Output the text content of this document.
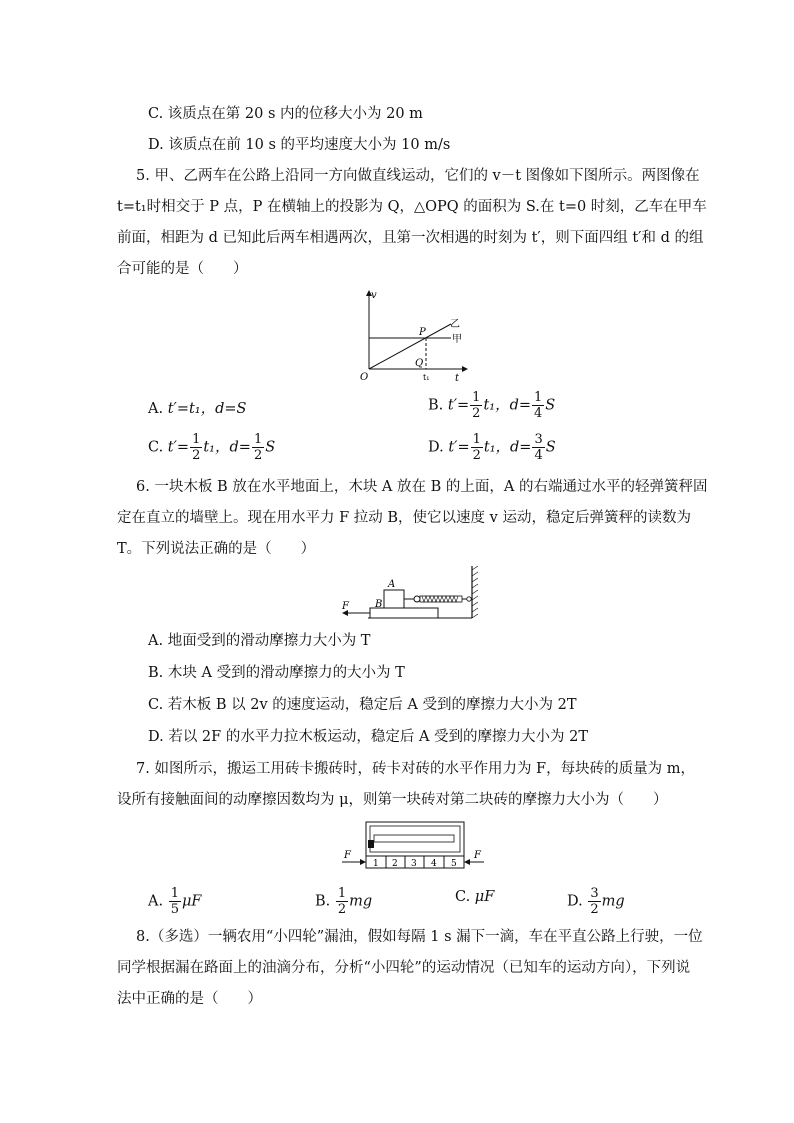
C. 该质点在第 20 s 内的位移大小为 20 m
D. 该质点在前 10 s 的平均速度大小为 10 m/s
5. 甲、乙两车在公路上沿同一方向做直线运动，它们的 v－t 图像如下图所示。两图像在
t=t₁时相交于 P 点，P 在横轴上的投影为 Q，△OPQ 的面积为 S.在 t=0 时刻，乙车在甲车
前面，相距为 d 已知此后两车相遇两次，且第一次相遇的时刻为 t′，则下面四组 t′和 d 的组
合可能的是（　　）
v
t
O
P
Q
t₁
乙
甲
A. t′=t₁，d=S	B. $t'= \frac{1}{2} t_1$，$d= \frac{1}{4}$ S
C. $t'= \frac{1}{2} t_1$，$d= \frac{1}{2}$ S	D. $t'= \frac{1}{2} t_1$，$d= \frac{3}{4}$ S
6. 一块木板 B 放在水平地面上，木块 A 放在 B 的上面，A 的右端通过水平的轻弹簧秤固
定在直立的墙壁上。现在用水平力 F 拉动 B，使它以速度 v 运动，稳定后弹簧秤的读数为
T。下列说法正确的是（　　）
A
B
F
A. 地面受到的滑动摩擦力大小为 T
B. 木块 A 受到的滑动摩擦力的大小为 T
C. 若木板 B 以 2v 的速度运动，稳定后 A 受到的摩擦力大小为 2T
D. 若以 2F 的水平力拉木板运动，稳定后 A 受到的摩擦力大小为 2T
7. 如图所示，搬运工用砖卡搬砖时，砖卡对砖的水平作用力为 F，每块砖的质量为 m，
设所有接触面间的动摩擦因数均为 μ，则第一块砖对第二块砖的摩擦力大小为（　　）
1 2 3 4 5
F	F
A. $\frac{1}{5}$ μF	B. $\frac{1}{2}$ mg	C. μF	D. $\frac{3}{2}$ mg
8.（多选）一辆农用“小四轮”漏油，假如每隔 1 s 漏下一滴，车在平直公路上行驶，一位
同学根据漏在路面上的油滴分布，分析“小四轮”的运动情况（已知车的运动方向），下列说
法中正确的是（　　）
